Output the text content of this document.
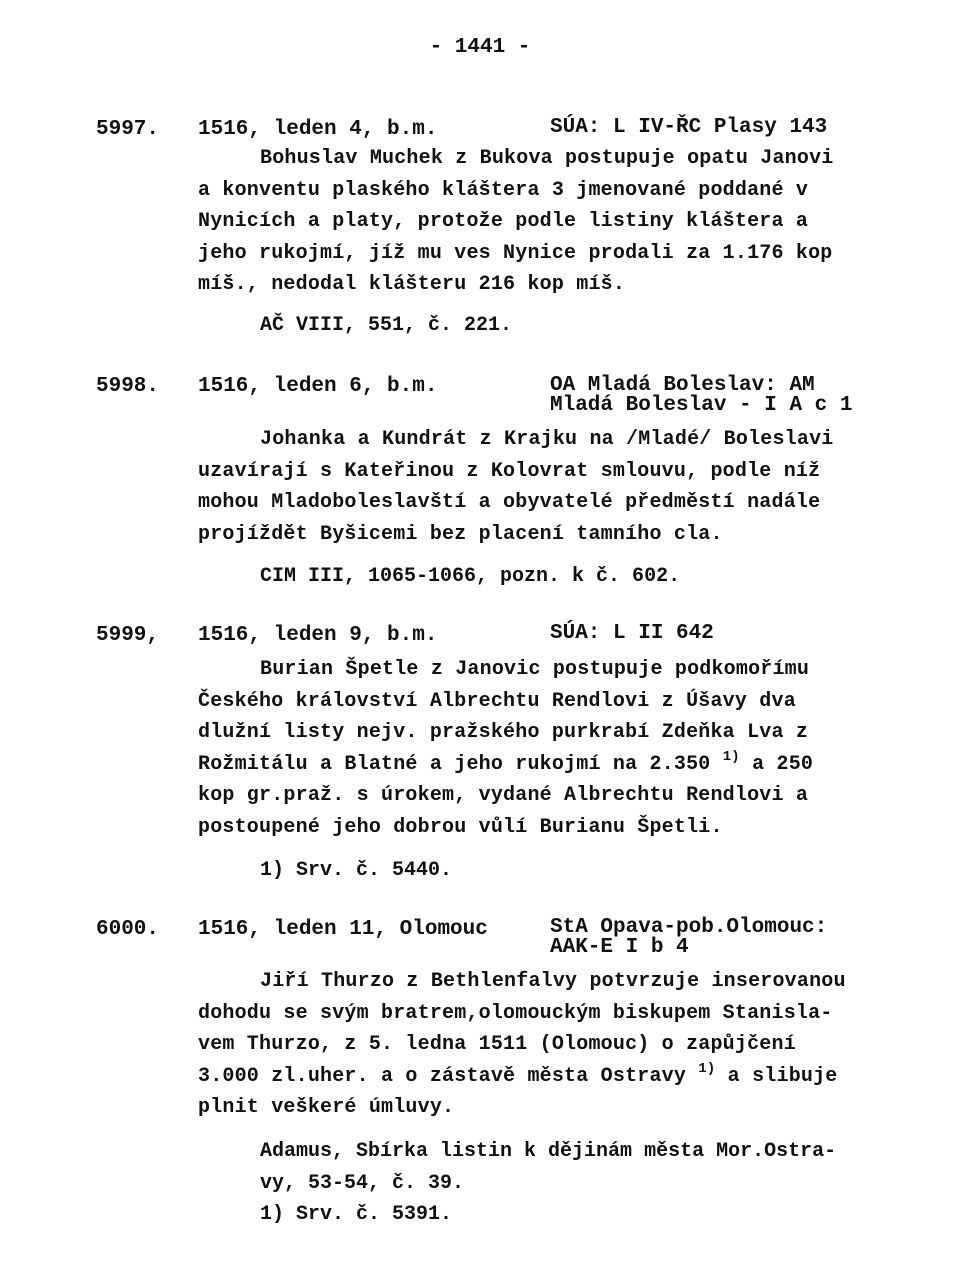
- 1441 -
5997. 1516, leden 4, b.m.	SÚA: L IV-ŘC Plasy 143
Bohuslav Muchek z Bukova postupuje opatu Janovi
a konventu plaského kláštera 3 jmenované poddané v
Nynicích a platy, protože podle listiny kláštera a
jeho rukojmí, jíž mu ves Nynice prodali za 1.176 kop
míš., nedodal klášteru 216 kop míš.
AČ VIII, 551, č. 221.
5998. 1516, leden 6, b.m.	OA Mladá Boleslav: AM
Mladá Boleslav - I A c 1
Johanka a Kundrát z Krajku na /Mladé/ Boleslavi
uzavírají s Kateřinou z Kolovrat smlouvu, podle níž
mohou Mladoboleslavští a obyvatelé předměstí nadále
projíždět Byšicemi bez placení tamního cla.
CIM III, 1065-1066, pozn. k č. 602.
5999, 1516, leden 9, b.m.	SÚA: L II 642
Burian Špetle z Janovic postupuje podkomořímu
Českého království Albrechtu Rendlovi z Úšavy dva
dlužní listy nejv. pražského purkrabí Zdeňka Lva z
Rožmitálu a Blatné a jeho rukojmí na 2.350 $^{1)}$ a 250
kop gr.praž. s úrokem, vydané Albrechtu Rendlovi a
postoupené jeho dobrou vůlí Burianu Špetli.
1) Srv. č. 5440.
6000. 1516, leden 11, Olomouc	StA Opava-pob.Olomouc:
AAK-E I b 4
Jiří Thurzo z Bethlenfalvy potvrzuje inserovanou
dohodu se svým bratrem,olomouckým biskupem Stanisla-
vem Thurzo, z 5. ledna 1511 (Olomouc) o zapůjčení
3.000 zl.uher. a o zástavě města Ostravy $^{1)}$ a slibuje
plnit veškeré úmluvy.
Adamus, Sbírka listin k dějinám města Mor.Ostra-
vy, 53-54, č. 39.
1) Srv. č. 5391.
